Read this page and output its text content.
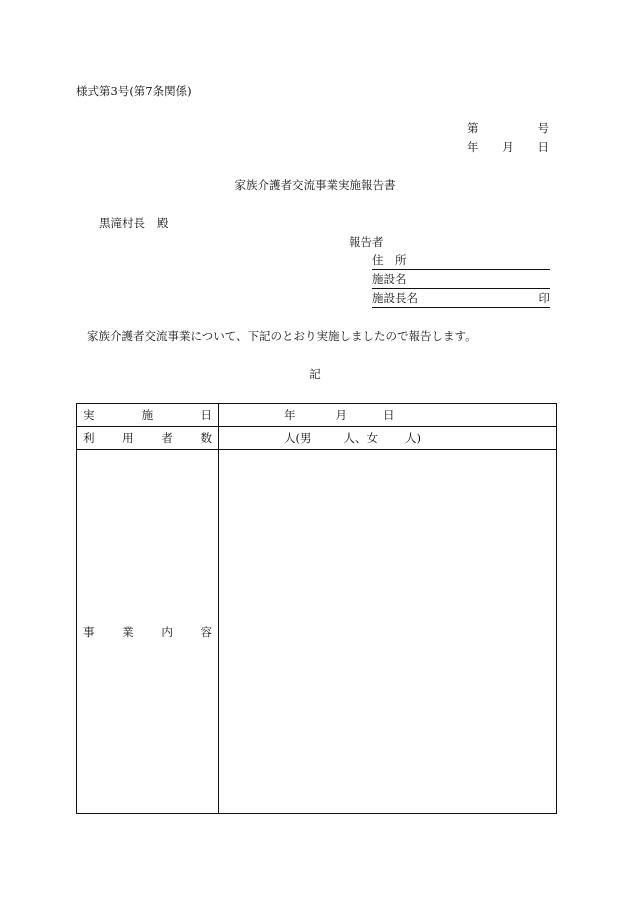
様式第3号(第7条関係)
第	号
年 月 日
家族介護者交流事業実施報告書
黒滝村長 殿
報告者
住　所
施設名
施設長名	印
家族介護者交流事業について、下記のとおり実施しましたので報告します。
記
実 施 日	年 月 日

利 用 者 数	人(男 人、女 人)

事 業 内 容	
